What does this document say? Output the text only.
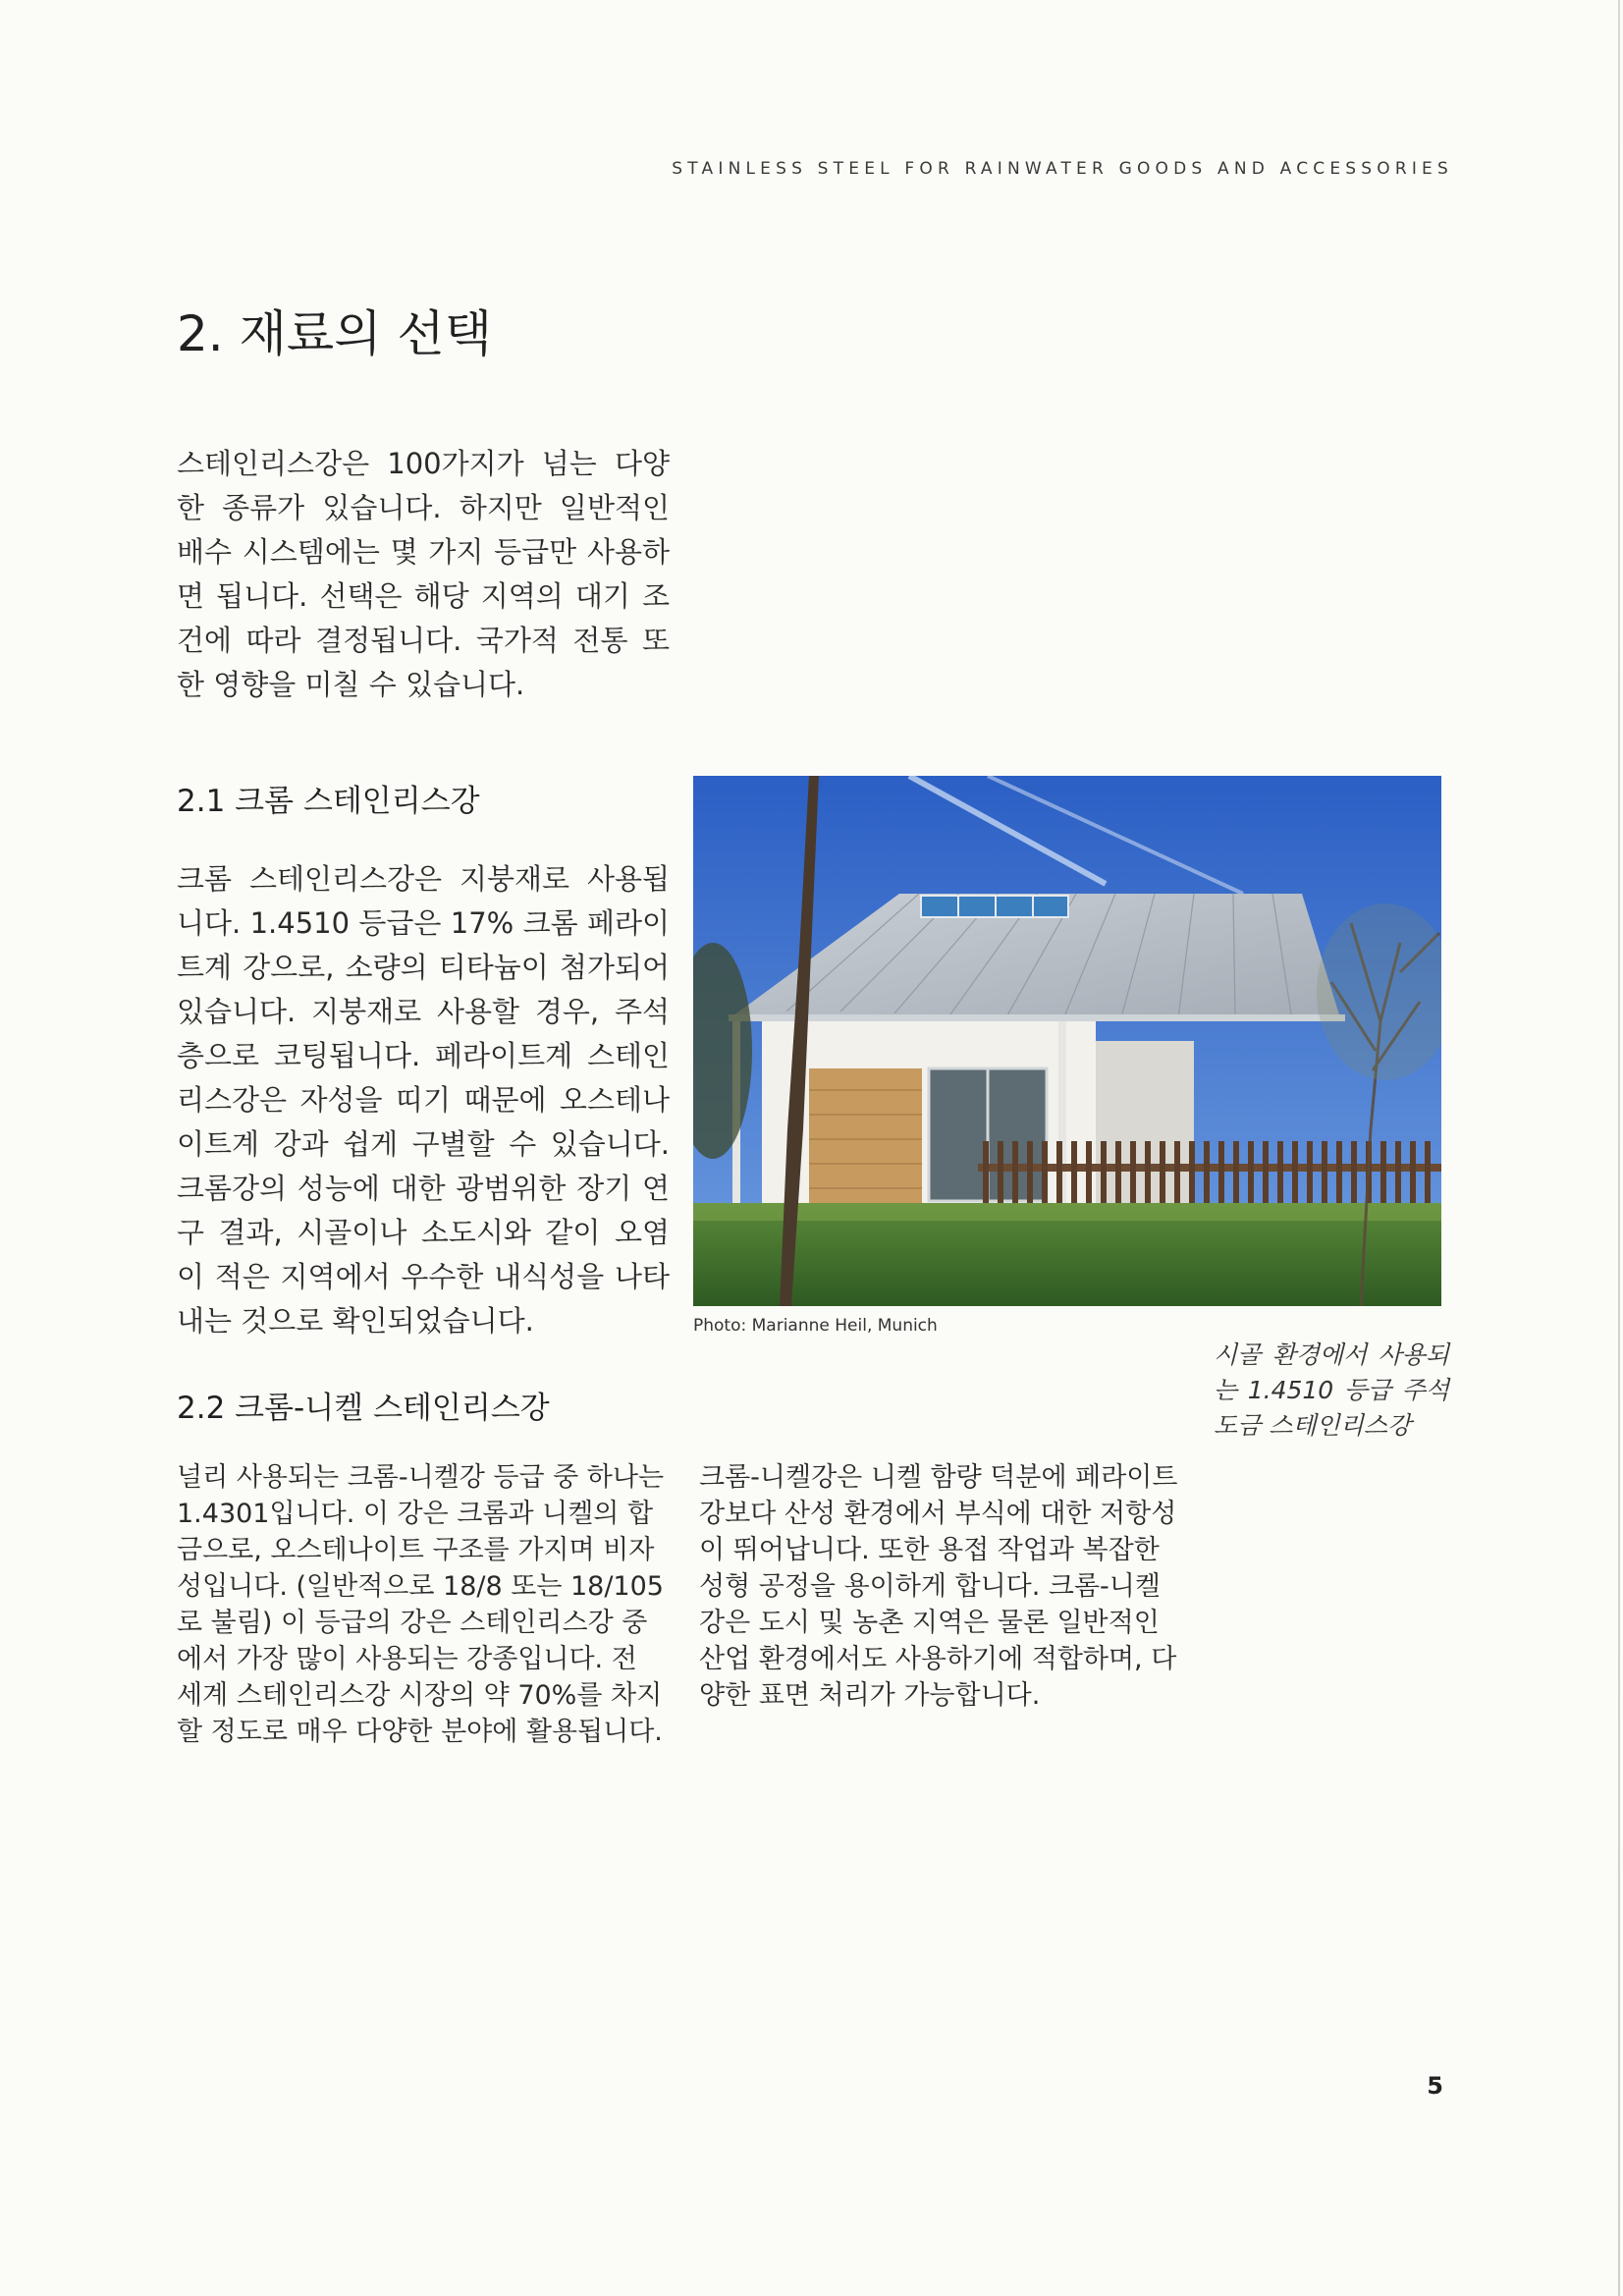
STAINLESS STEEL FOR RAINWATER GOODS AND ACCESSORIES
2. 재료의 선택

스테인리스강은 100가지가 넘는 다양한 종류가 있습니다. 하지만 일반적인 배수 시스템에는 몇 가지 등급만 사용하면 됩니다. 선택은 해당 지역의 대기 조건에 따라 결정됩니다. 국가적 전통 또한 영향을 미칠 수 있습니다.

2.1 크롬 스테인리스강

크롬 스테인리스강은 지붕재로 사용됩니다. 1.4510 등급은 17% 크롬 페라이트계 강으로, 소량의 티타늄이 첨가되어 있습니다. 지붕재로 사용할 경우, 주석층으로 코팅됩니다. 페라이트계 스테인리스강은 자성을 띠기 때문에 오스테나이트계 강과 쉽게 구별할 수 있습니다. 크롬강의 성능에 대한 광범위한 장기 연구 결과, 시골이나 소도시와 같이 오염이 적은 지역에서 우수한 내식성을 나타내는 것으로 확인되었습니다.	Photo: Marianne Heil, Munich
시골 환경에서 사용되는 1.4510 등급 주석 도금 스테인리스강
2.2 크롬-니켈 스테인리스강

널리 사용되는 크롬-니켈강 등급 중 하나는 1.4301입니다. 이 강은 크롬과 니켈의 합금으로, 오스테나이트 구조를 가지며 비자성입니다. (일반적으로 18/8 또는 18/105로 불림) 이 등급의 강은 스테인리스강 중에서 가장 많이 사용되는 강종입니다. 전 세계 스테인리스강 시장의 약 70%를 차지할 정도로 매우 다양한 분야에 활용됩니다.

크롬-니켈강은 니켈 함량 덕분에 페라이트강보다 산성 환경에서 부식에 대한 저항성이 뛰어납니다. 또한 용접 작업과 복잡한 성형 공정을 용이하게 합니다. 크롬-니켈강은 도시 및 농촌 지역은 물론 일반적인 산업 환경에서도 사용하기에 적합하며, 다양한 표면 처리가 가능합니다.

5
